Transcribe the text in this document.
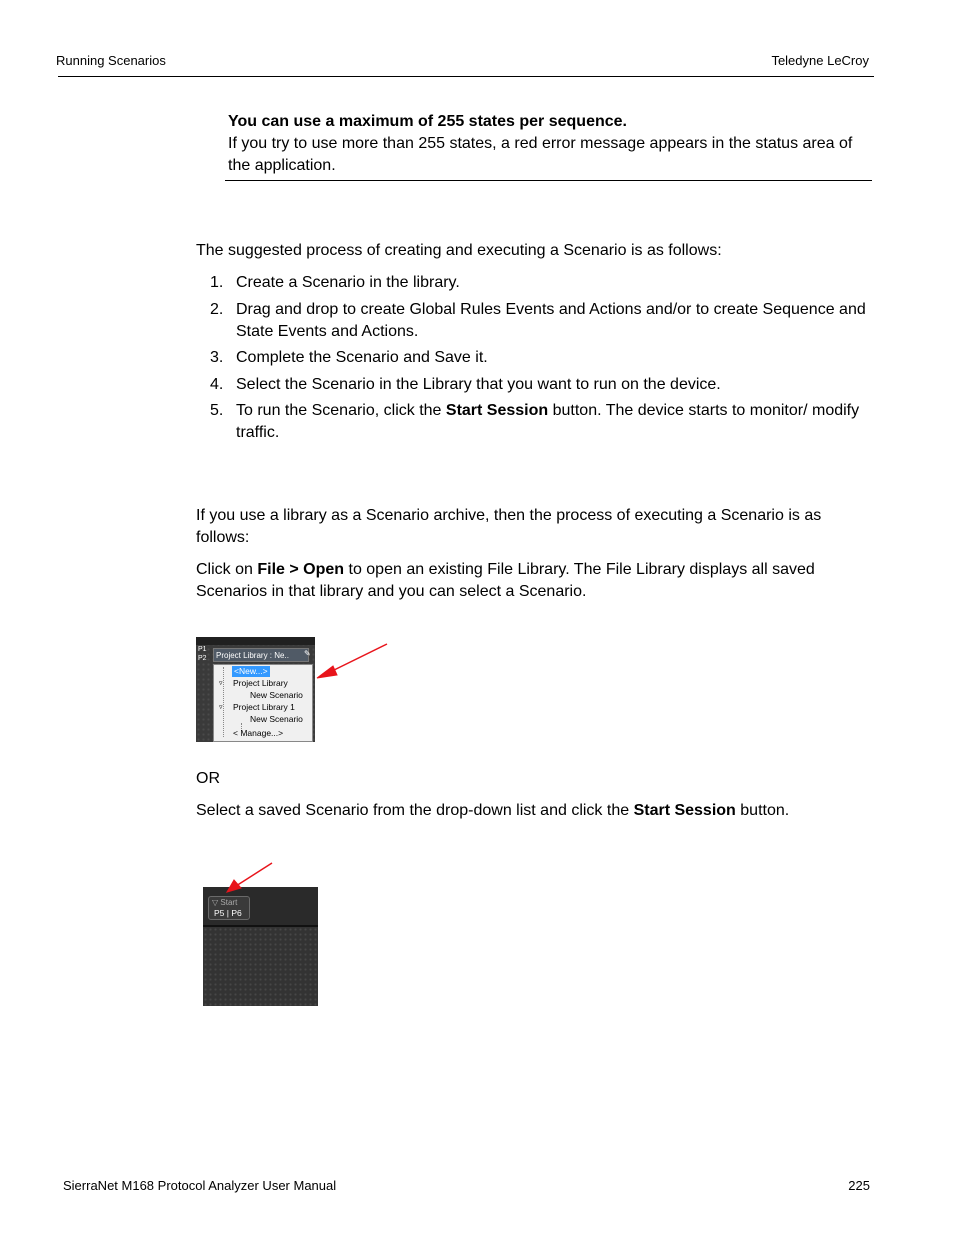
Running Scenarios	Teledyne LeCroy
You can use a maximum of 255 states per sequence.
If you try to use more than 255 states, a red error message appears in the status area of the application.
The suggested process of creating and executing a Scenario is as follows:
1. Create a Scenario in the library.
2. Drag and drop to create Global Rules Events and Actions and/or to create Sequence and State Events and Actions.
3. Complete the Scenario and Save it.
4. Select the Scenario in the Library that you want to run on the device.
5. To run the Scenario, click the Start Session button. The device starts to monitor/ modify traffic.
If you use a library as a Scenario archive, then the process of executing a Scenario is as follows:
Click on File > Open to open an existing File Library. The File Library displays all saved Scenarios in that library and you can select a Scenario.
P1
P2	Project Library : Ne..	✎
<New...>
▿ Project Library
New Scenario
▿ Project Library 1
New Scenario
< Manage...>
OR
Select a saved Scenario from the drop-down list and click the Start Session button.
▽ Start
P5 | P6
SierraNet M168 Protocol Analyzer User Manual	225
